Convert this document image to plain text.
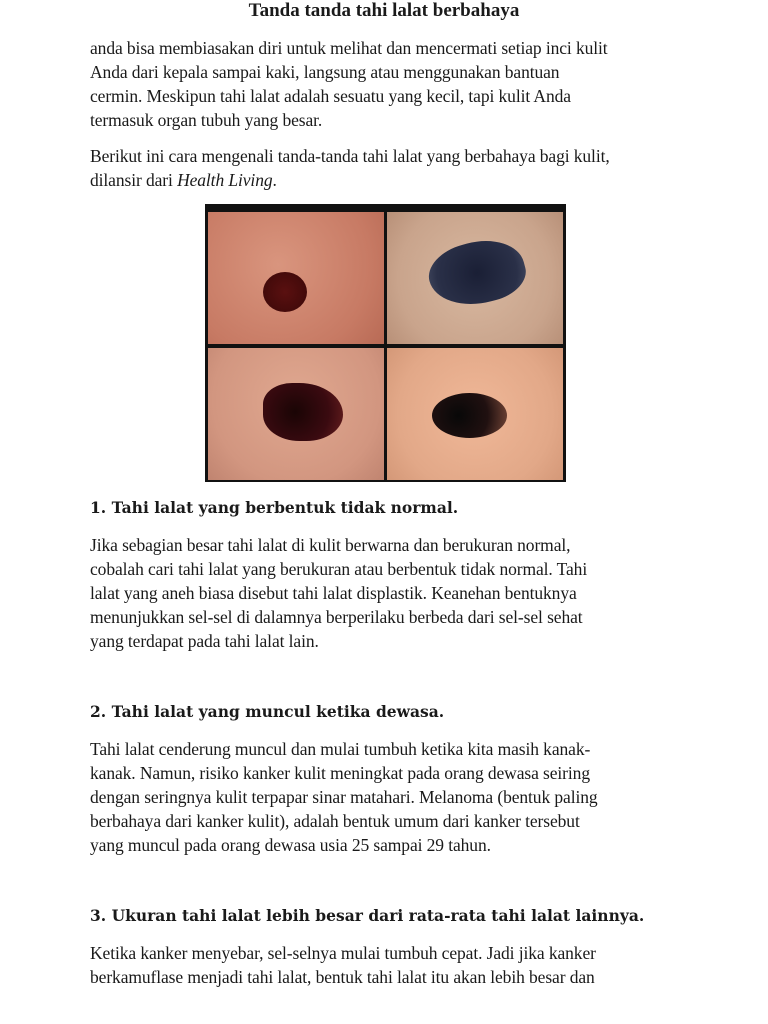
Tanda tanda tahi lalat berbahaya
anda bisa membiasakan diri untuk melihat dan mencermati setiap inci kulit
Anda dari kepala sampai kaki, langsung atau menggunakan bantuan
cermin. Meskipun tahi lalat adalah sesuatu yang kecil, tapi kulit Anda
termasuk organ tubuh yang besar.
Berikut ini cara mengenali tanda-tanda tahi lalat yang berbahaya bagi kulit,
dilansir dari Health Living.
1. Tahi lalat yang berbentuk tidak normal.
Jika sebagian besar tahi lalat di kulit berwarna dan berukuran normal,
cobalah cari tahi lalat yang berukuran atau berbentuk tidak normal. Tahi
lalat yang aneh biasa disebut tahi lalat displastik. Keanehan bentuknya
menunjukkan sel-sel di dalamnya berperilaku berbeda dari sel-sel sehat
yang terdapat pada tahi lalat lain.
2. Tahi lalat yang muncul ketika dewasa.
Tahi lalat cenderung muncul dan mulai tumbuh ketika kita masih kanak-
kanak. Namun, risiko kanker kulit meningkat pada orang dewasa seiring
dengan seringnya kulit terpapar sinar matahari. Melanoma (bentuk paling
berbahaya dari kanker kulit), adalah bentuk umum dari kanker tersebut
yang muncul pada orang dewasa usia 25 sampai 29 tahun.
3. Ukuran tahi lalat lebih besar dari rata-rata tahi lalat lainnya.
Ketika kanker menyebar, sel-selnya mulai tumbuh cepat. Jadi jika kanker
berkamuflase menjadi tahi lalat, bentuk tahi lalat itu akan lebih besar dan
